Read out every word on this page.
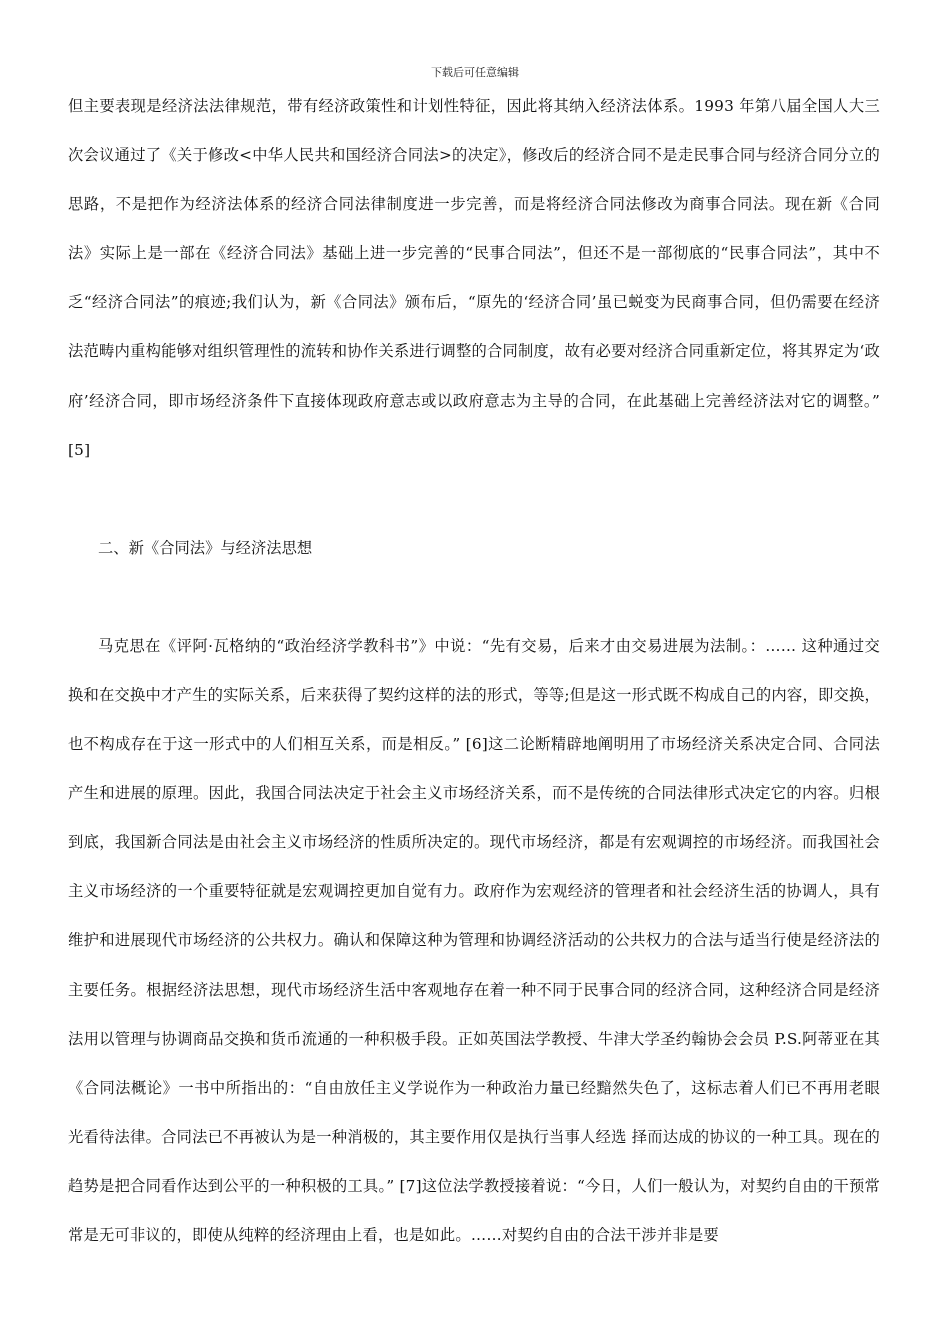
下载后可任意编辑

但主要表现是经济法法律规范，带有经济政策性和计划性特征，因此将其纳入经济法体系。1993 年第八届全国人大三次会议通过了《关于修改<中华人民共和国经济合同法>的决定》，修改后的经济合同不是走民事合同与经济合同分立的思路，不是把作为经济法体系的经济合同法律制度进一步完善，而是将经济合同法修改为商事合同法。现在新《合同法》实际上是一部在《经济合同法》基础上进一步完善的“民事合同法”，但还不是一部彻底的“民事合同法”，其中不乏“经济合同法”的痕迹;我们认为，新《合同法》颁布后，“原先的‘经济合同’虽已蜕变为民商事合同，但仍需要在经济法范畴内重构能够对组织管理性的流转和协作关系进行调整的合同制度，故有必要对经济合同重新定位，将其界定为‘政府’经济合同，即市场经济条件下直接体现政府意志或以政府意志为主导的合同，在此基础上完善经济法对它的调整。” [5]

二、新《合同法》与经济法思想

马克思在《评阿·瓦格纳的“政治经济学教科书”》中说：“先有交易，后来才由交易进展为法制。：…… 这种通过交换和在交换中才产生的实际关系，后来获得了契约这样的法的形式，等等;但是这一形式既不构成自己的内容，即交换，也不构成存在于这一形式中的人们相互关系，而是相反。” [6]这二论断精辟地阐明用了市场经济关系决定合同、合同法产生和进展的原理。因此，我国合同法决定于社会主义市场经济关系，而不是传统的合同法律形式决定它的内容。归根到底，我国新合同法是由社会主义市场经济的性质所决定的。现代市场经济，都是有宏观调控的市场经济。而我国社会主义市场经济的一个重要特征就是宏观调控更加自觉有力。政府作为宏观经济的管理者和社会经济生活的协调人，具有维护和进展现代市场经济的公共权力。确认和保障这种为管理和协调经济活动的公共权力的合法与适当行使是经济法的主要任务。根据经济法思想，现代市场经济生活中客观地存在着一种不同于民事合同的经济合同，这种经济合同是经济法用以管理与协调商品交换和货币流通的一种积极手段。正如英国法学教授、牛津大学圣约翰协会会员 P.S.阿蒂亚在其《合同法概论》一书中所指出的：“自由放任主义学说作为一种政治力量已经黯然失色了，这标志着人们已不再用老眼光看待法律。合同法已不再被认为是一种消极的，其主要作用仅是执行当事人经选 择而达成的协议的一种工具。现在的趋势是把合同看作达到公平的一种积极的工具。” [7]这位法学教授接着说：“今日，人们一般认为，对契约自由的干预常常是无可非议的，即使从纯粹的经济理由上看，也是如此。……对契约自由的合法干涉并非是要
